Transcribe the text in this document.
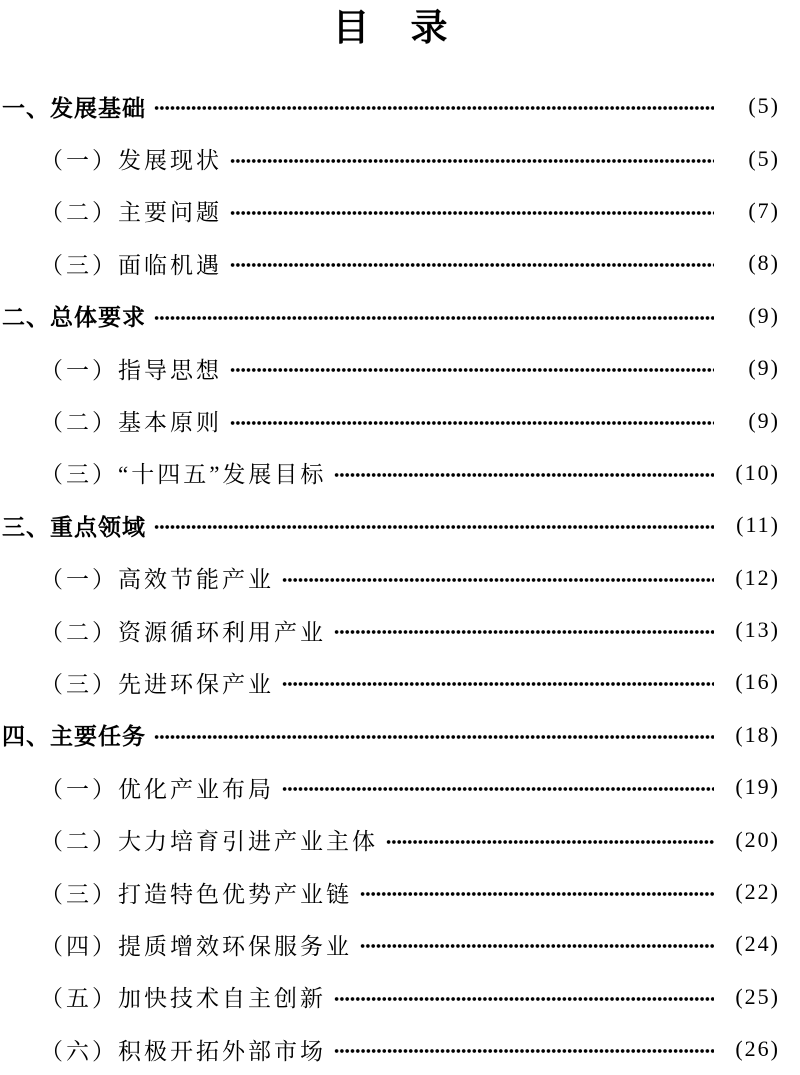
目　录
一、发展基础	(5)
（一）发展现状	(5)
（二）主要问题	(7)
（三）面临机遇	(8)
二、总体要求	(9)
（一）指导思想	(9)
（二）基本原则	(9)
（三）“十四五”发展目标	(10)
三、重点领域	(11)
（一）高效节能产业	(12)
（二）资源循环利用产业	(13)
（三）先进环保产业	(16)
四、主要任务	(18)
（一）优化产业布局	(19)
（二）大力培育引进产业主体	(20)
（三）打造特色优势产业链	(22)
（四）提质增效环保服务业	(24)
（五）加快技术自主创新	(25)
（六）积极开拓外部市场	(26)
